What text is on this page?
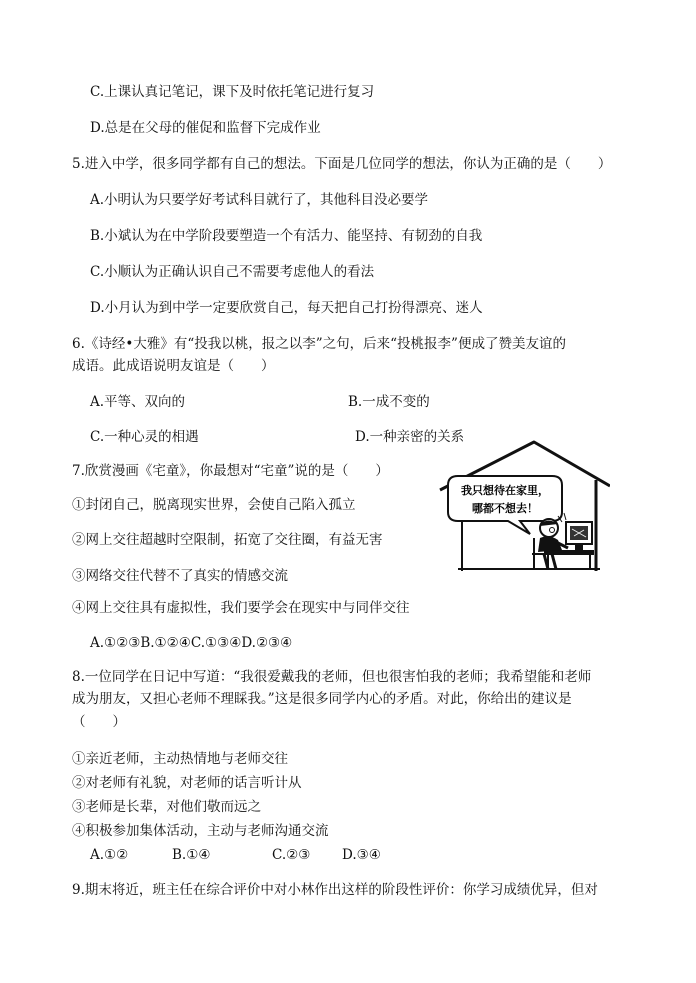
C.上课认真记笔记，课下及时依托笔记进行复习
D.总是在父母的催促和监督下完成作业
5.进入中学，很多同学都有自己的想法。下面是几位同学的想法，你认为正确的是（　　）
A.小明认为只要学好考试科目就行了，其他科目没必要学
B.小斌认为在中学阶段要塑造一个有活力、能坚持、有韧劲的自我
C.小顺认为正确认识自己不需要考虑他人的看法
D.小月认为到中学一定要欣赏自己，每天把自己打扮得漂亮、迷人
6.《诗经•大雅》有“投我以桃，报之以李”之句，后来“投桃报李”便成了赞美友谊的
成语。此成语说明友谊是（　　）
A.平等、双向的	B.一成不变的
C.一种心灵的相遇	D.一种亲密的关系
7.欣赏漫画《宅童》，你最想对“宅童”说的是（　　）
①封闭自己，脱离现实世界，会使自己陷入孤立
②网上交往超越时空限制，拓宽了交往圈，有益无害
③网络交往代替不了真实的情感交流
④网上交往具有虚拟性，我们要学会在现实中与同伴交往
A.①②③B.①②④C.①③④D.②③④
我只想待在家里，
哪都不想去！
8.一位同学在日记中写道：“我很爱戴我的老师，但也很害怕我的老师；我希望能和老师
成为朋友，又担心老师不理睬我。”这是很多同学内心的矛盾。对此，你给出的建议是
（　　）
①亲近老师，主动热情地与老师交往
②对老师有礼貌，对老师的话言听计从
③老师是长辈，对他们敬而远之
④积极参加集体活动，主动与老师沟通交流
A.①②	B.①④	C.②③ D.③④
9.期末将近，班主任在综合评价中对小林作出这样的阶段性评价：你学习成绩优异，但对
